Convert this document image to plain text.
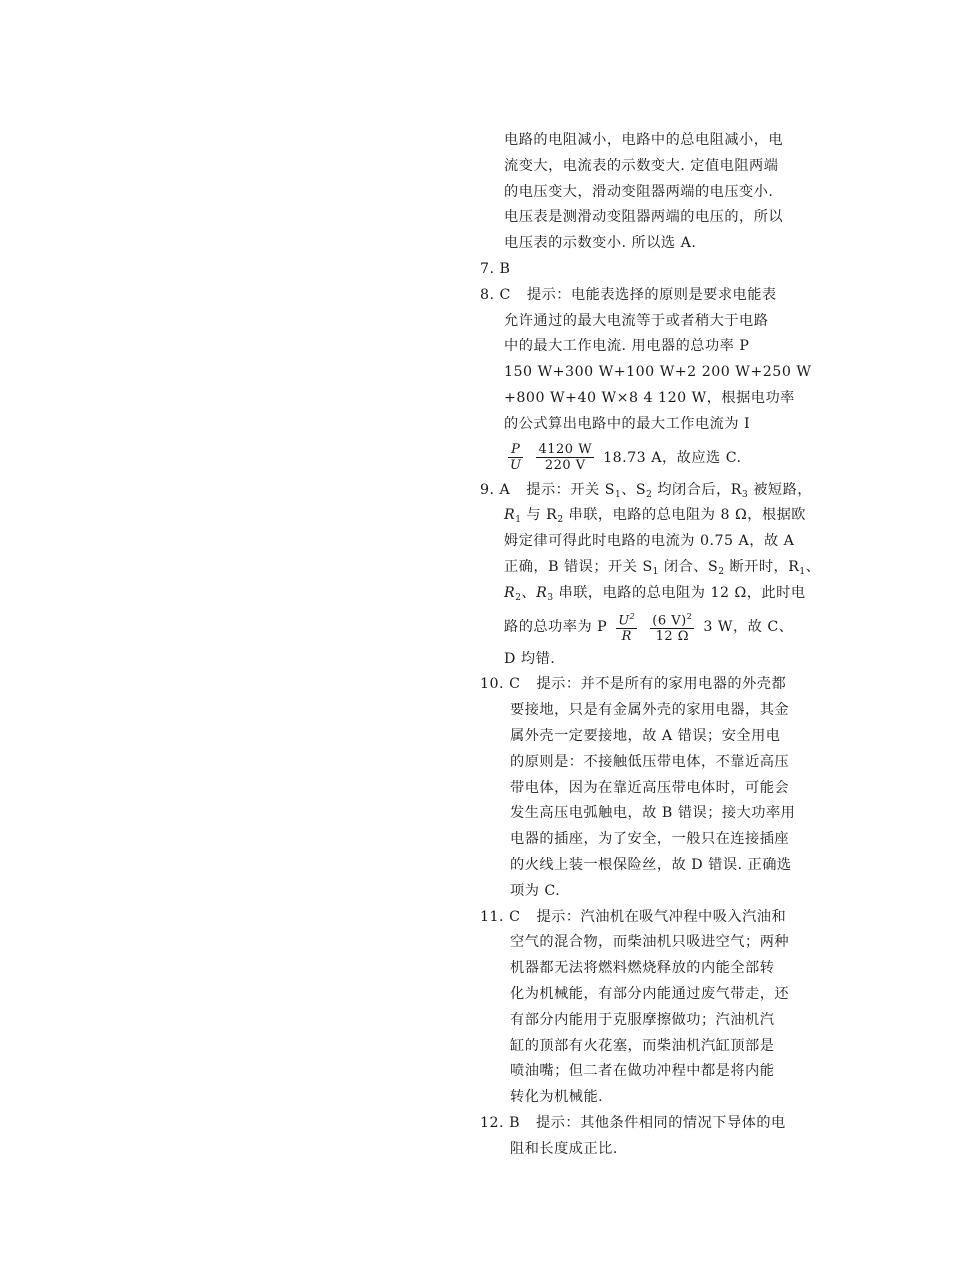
电路的电阻减小，电路中的总电阻减小，电
流变大，电流表的示数变大. 定值电阻两端
的电压变大，滑动变阻器两端的电压变小.
电压表是测滑动变阻器两端的电压的，所以
电压表的示数变小. 所以选 A.
7. B
8. C 提示：电能表选择的原则是要求电能表
允许通过的最大电流等于或者稍大于电路
中的最大工作电流. 用电器的总功率 P
150 W+300 W+100 W+2 200 W+250 W
+800 W+40 W×8 4 120 W，根据电功率
的公式算出电路中的最大工作电流为 I
$\frac{P}{U}$
$\frac{4120 W}{220 V} 18.73$ A，故应选 C.
9. A 提示：开关 $S_1$、$S_2$ 均闭合后，$R_3$ 被短路，
$R_1$ 与 $R_2$ 串联，电路的总电阻为 8 Ω，根据欧
姆定律可得此时电路的电流为 0.75 A，故 A
正确，B 错误；开关 $S_1$ 闭合、$S_2$ 断开时，$R_1$、
$R_2$、$R_3$ 串联，电路的总电阻为 12 Ω，此时电
路的总功率为 P $\frac{U^2}{R}$
$\frac{(6 V)^2}{12 \Omega} 3$ W，故 C、
D 均错.
10. C 提示：并不是所有的家用电器的外壳都
要接地，只是有金属外壳的家用电器，其金
属外壳一定要接地，故 A 错误；安全用电
的原则是：不接触低压带电体，不靠近高压
带电体，因为在靠近高压带电体时，可能会
发生高压电弧触电，故 B 错误；接大功率用
电器的插座，为了安全，一般只在连接插座
的火线上装一根保险丝，故 D 错误. 正确选
项为 C.
11. C 提示：汽油机在吸气冲程中吸入汽油和
空气的混合物，而柴油机只吸进空气；两种
机器都无法将燃料燃烧释放的内能全部转
化为机械能，有部分内能通过废气带走，还
有部分内能用于克服摩擦做功；汽油机汽
缸的顶部有火花塞，而柴油机汽缸顶部是
喷油嘴；但二者在做功冲程中都是将内能
转化为机械能.
12. B 提示：其他条件相同的情况下导体的电
阻和长度成正比.
